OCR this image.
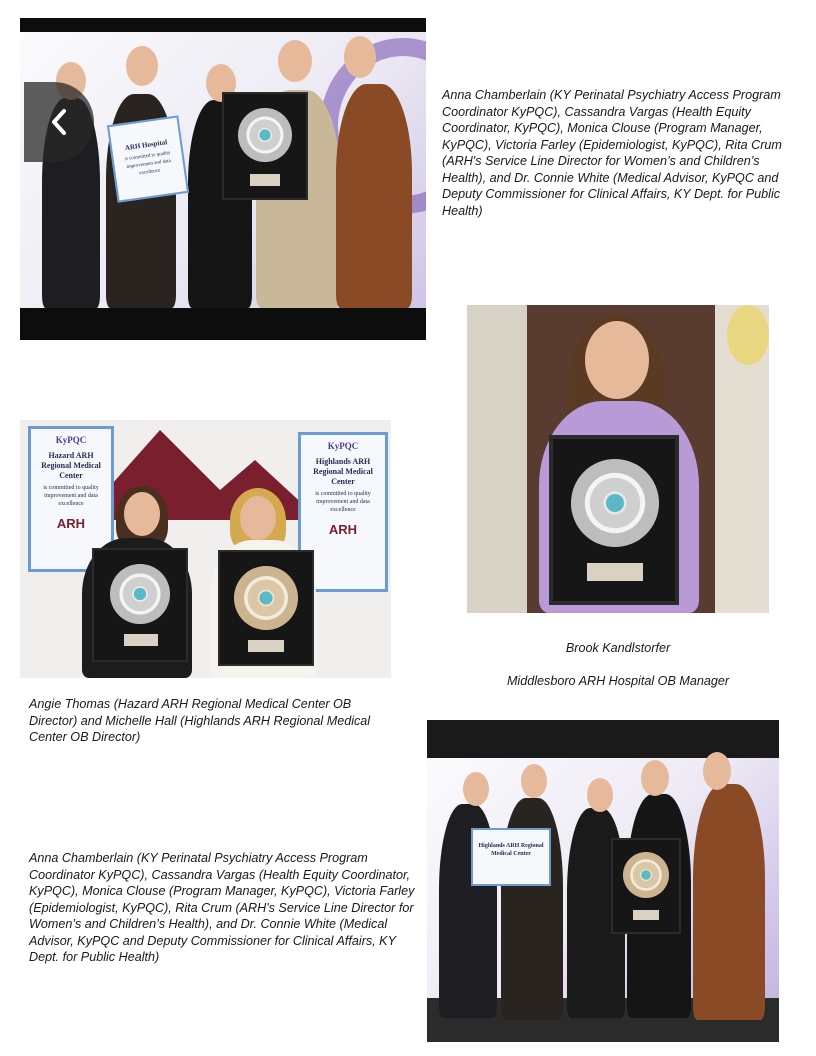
ARH Hospital
is committed to quality improvement and data excellence
Anna Chamberlain (KY Perinatal Psychiatry Access Program Coordinator KyPQC), Cassandra Vargas (Health Equity Coordinator, KyPQC), Monica Clouse (Program Manager, KyPQC), Victoria Farley (Epidemiologist, KyPQC), Rita Crum (ARH's Service Line Director for Women’s and Children’s Health), and Dr. Connie White (Medical Advisor, KyPQC and Deputy Commissioner for Clinical Affairs, KY Dept. for Public Health)

Brook Kandlstorfer

Middlesboro ARH Hospital OB Manager

KyPQC
Hazard ARH Regional Medical Center
is committed to quality improvement and data excellence
ARH
KyPQC
Highlands ARH Regional Medical Center
is committed to quality improvement and data excellence
ARH
Angie Thomas (Hazard ARH Regional Medical Center OB Director) and Michelle Hall (Highlands ARH Regional Medical Center OB Director)
Highlands ARH Regional Medical Center
Anna Chamberlain (KY Perinatal Psychiatry Access Program Coordinator KyPQC), Cassandra Vargas (Health Equity Coordinator, KyPQC), Monica Clouse (Program Manager, KyPQC), Victoria Farley (Epidemiologist, KyPQC), Rita Crum (ARH's Service Line Director for Women’s and Children’s Health), and Dr. Connie White (Medical Advisor, KyPQC and Deputy Commissioner for Clinical Affairs, KY Dept. for Public Health)
